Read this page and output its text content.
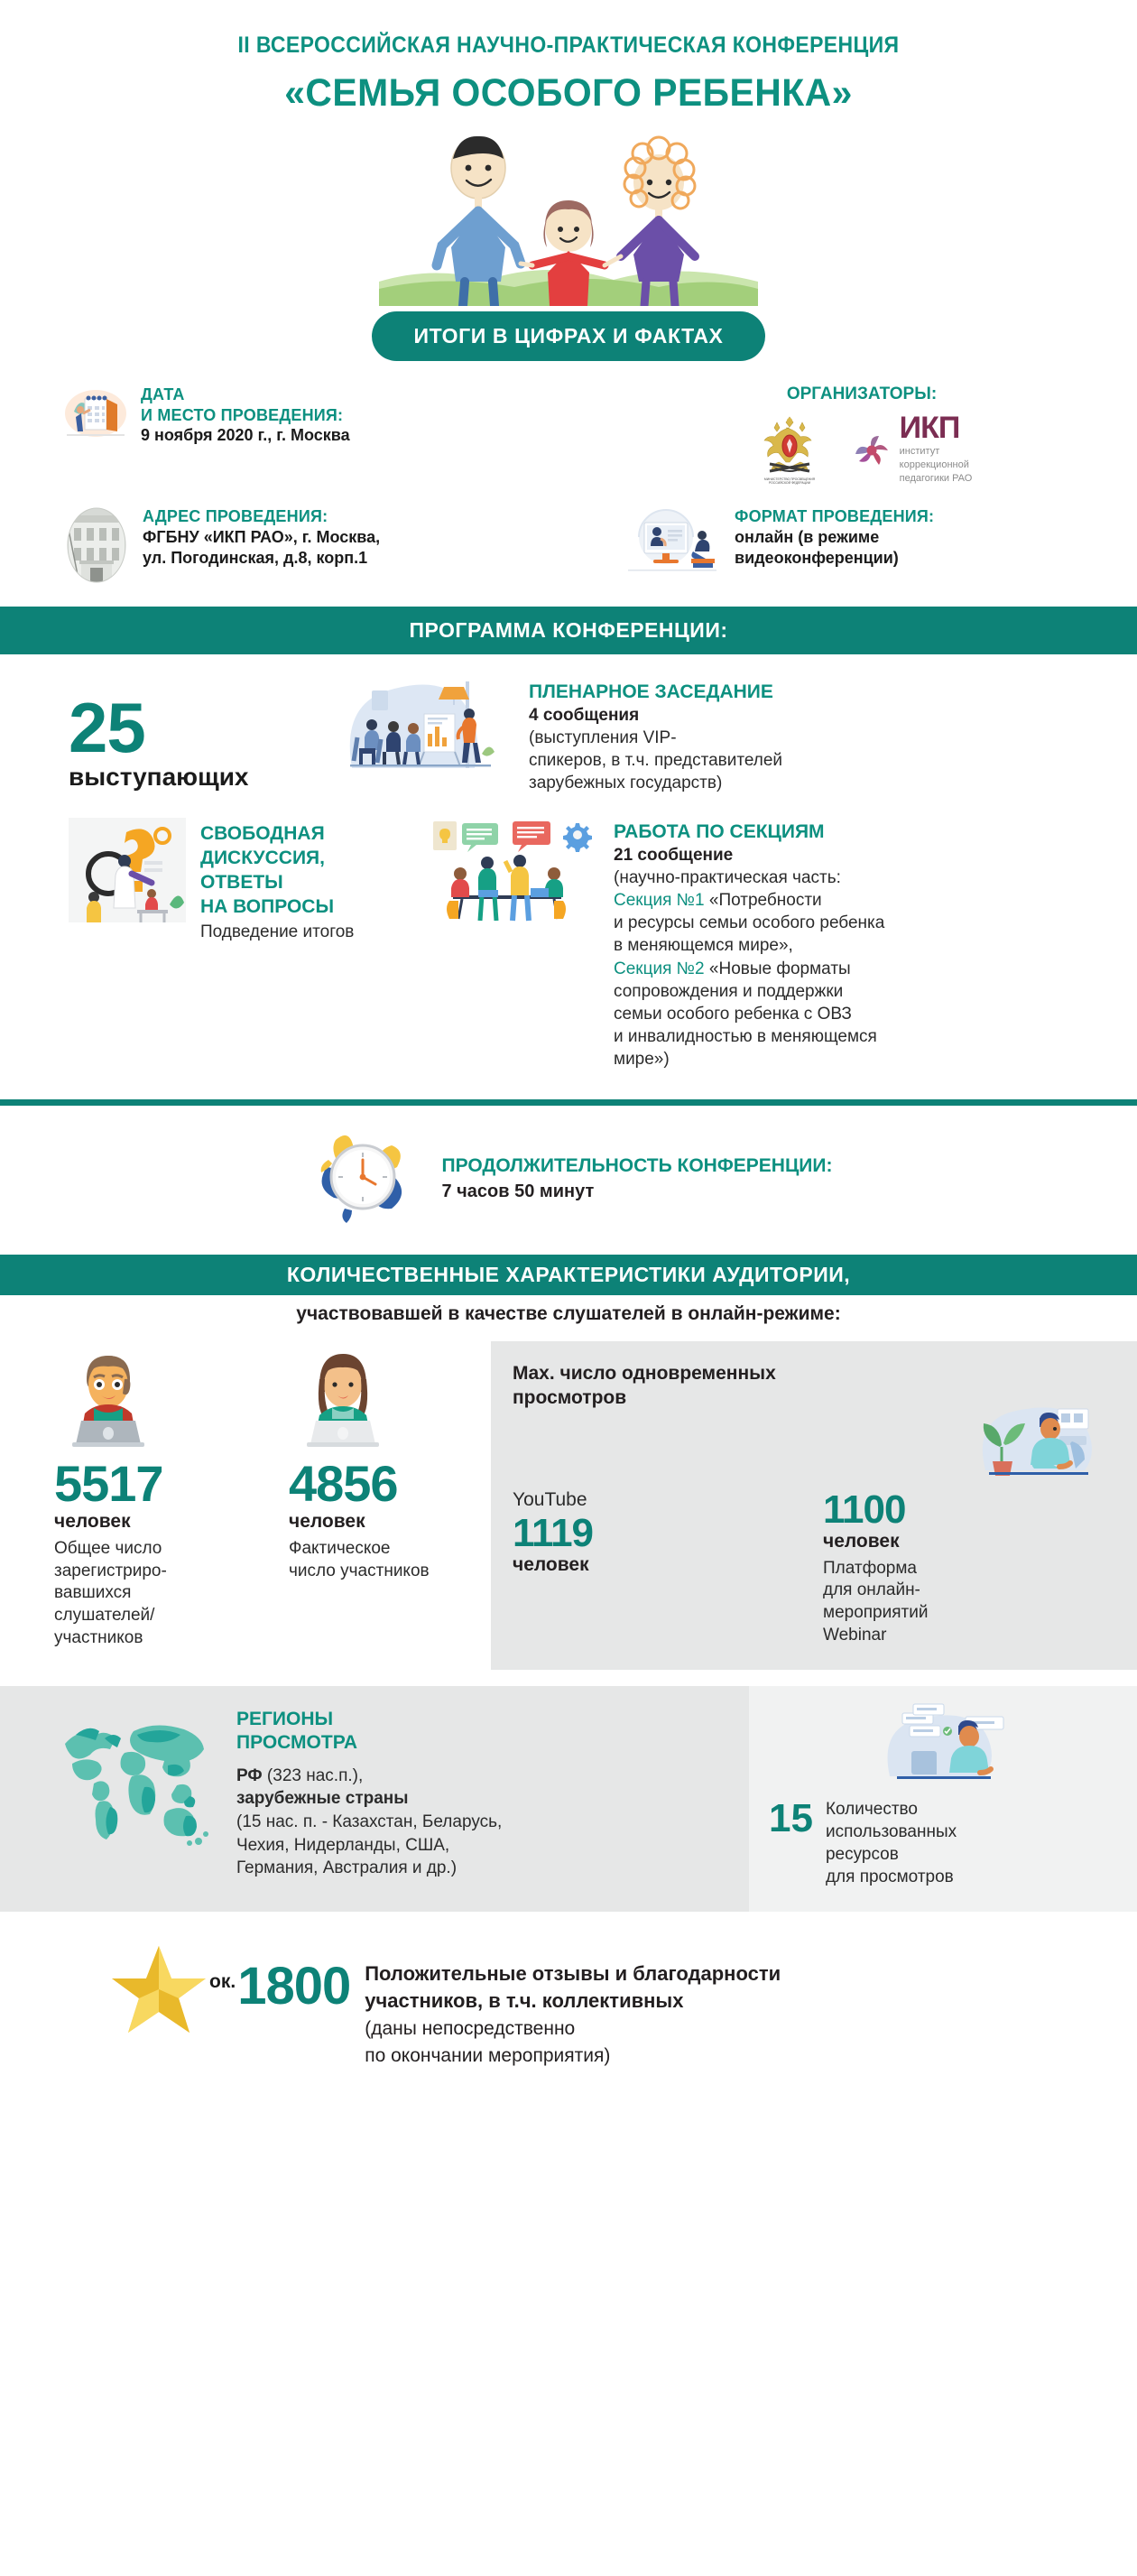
II ВСЕРОССИЙСКАЯ НАУЧНО-ПРАКТИЧЕСКАЯ КОНФЕРЕНЦИЯ
«СЕМЬЯ ОСОБОГО РЕБЕНКА»
ИТОГИ В ЦИФРАХ И ФАКТАХ
ДАТА
И МЕСТО ПРОВЕДЕНИЯ:
9 ноября 2020 г., г. Москва
ОРГАНИЗАТОРЫ:
МИНИСТЕРСТВО ПРОСВЕЩЕНИЯ
РОССИЙСКОЙ ФЕДЕРАЦИИ
ИКП
институт
коррекционной
педагогики РАО
АДРЕС ПРОВЕДЕНИЯ:
ФГБНУ «ИКП РАО», г. Москва,
ул. Погодинская, д.8, корп.1
ФОРМАТ ПРОВЕДЕНИЯ:
онлайн (в режиме
видеоконференции)
ПРОГРАММА КОНФЕРЕНЦИИ:
25
выступающих
ПЛЕНАРНОЕ ЗАСЕДАНИЕ
4 сообщения
(выступления VIP-
спикеров, в т.ч. представителей
зарубежных государств)
СВОБОДНАЯ
ДИСКУССИЯ,
ОТВЕТЫ
НА ВОПРОСЫ
Подведение итогов
РАБОТА ПО СЕКЦИЯМ
21 сообщение
(научно-практическая часть:
Секция №1 «Потребности
и ресурсы семьи особого ребенка
в меняющемся мире»,
Секция №2 «Новые форматы
сопровождения и поддержки
семьи особого ребенка с ОВЗ
и инвалидностью в меняющемся
мире»)
ПРОДОЛЖИТЕЛЬНОСТЬ КОНФЕРЕНЦИИ:
7 часов 50 минут
КОЛИЧЕСТВЕННЫЕ ХАРАКТЕРИСТИКИ АУДИТОРИИ,
участвовавшей в качестве слушателей в онлайн-режиме:
5517
человек
Общее число
зарегистриро-
вавшихся
слушателей/
участников
4856
человек
Фактическое
число участников
Max. число одновременных
просмотров
YouTube
1119
человек
1100
человек
Платформа
для онлайн-
мероприятий
Webinar
РЕГИОНЫ
ПРОСМОТРА
РФ (323 нас.п.),
зарубежные страны
(15 нас. п. - Казахстан, Беларусь,
Чехия, Нидерланды, США,
Германия, Австралия и др.)
15 Количество
использованных
ресурсов
для просмотров
ок. 1800 Положительные отзывы и благодарности
участников, в т.ч. коллективных
(даны непосредственно
по окончании мероприятия)
